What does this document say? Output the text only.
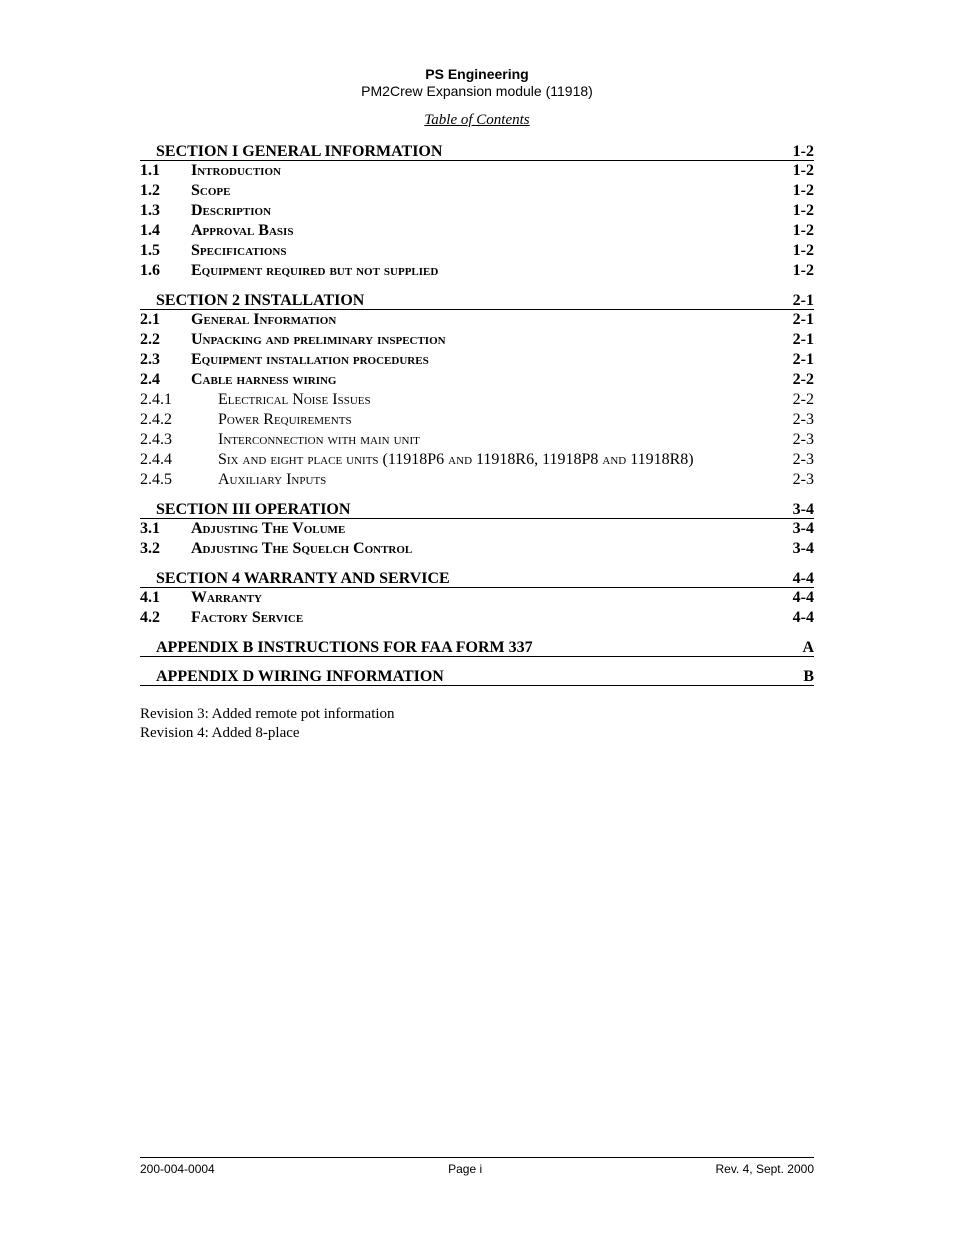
PS Engineering
PM2Crew Expansion module (11918)
Table of Contents
SECTION I GENERAL INFORMATION	1-2
1.1	Introduction	1-2
1.2	Scope	1-2
1.3	Description	1-2
1.4	Approval Basis	1-2
1.5	Specifications	1-2
1.6	Equipment required but not supplied	1-2
SECTION 2 INSTALLATION	2-1
2.1	General Information	2-1
2.2	Unpacking and preliminary inspection	2-1
2.3	Equipment installation procedures	2-1
2.4	Cable harness wiring	2-2
2.4.1	Electrical Noise Issues	2-2
2.4.2	Power Requirements	2-3
2.4.3	Interconnection with main unit	2-3
2.4.4	Six and eight place units (11918P6 and 11918R6, 11918P8 and 11918R8)	2-3
2.4.5	Auxiliary Inputs	2-3
SECTION III OPERATION	3-4
3.1	Adjusting The Volume	3-4
3.2	Adjusting The Squelch Control	3-4
SECTION 4 WARRANTY AND SERVICE	4-4
4.1	Warranty	4-4
4.2	Factory Service	4-4
APPENDIX B INSTRUCTIONS FOR FAA FORM 337	A
APPENDIX D WIRING INFORMATION	B
Revision 3: Added remote pot information
Revision 4: Added 8-place
200-004-0004	Page i	Rev. 4, Sept. 2000
